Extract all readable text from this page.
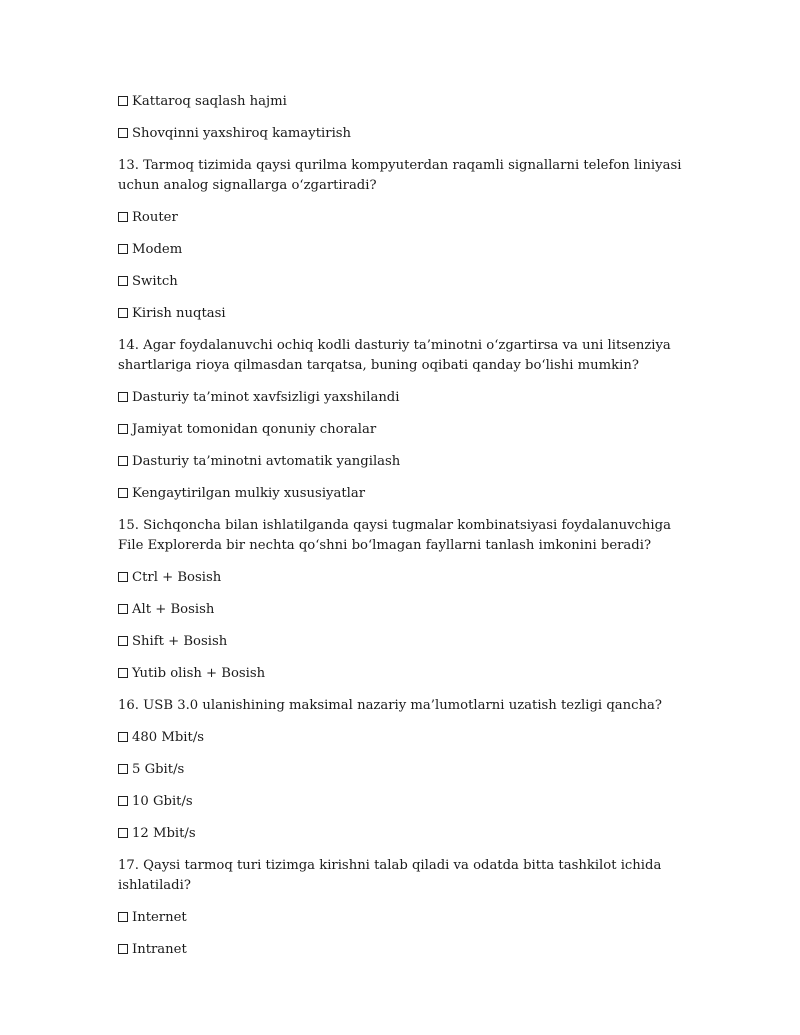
Kattaroq saqlash hajmi
Shovqinni yaxshiroq kamaytirish
13. Tarmoq tizimida qaysi qurilma kompyuterdan raqamli signallarni telefon liniyasi uchun analog signallarga o‘zgartiradi?
Router
Modem
Switch
Kirish nuqtasi
14. Agar foydalanuvchi ochiq kodli dasturiy ta’minotni o‘zgartirsa va uni litsenziya shartlariga rioya qilmasdan tarqatsa, buning oqibati qanday bo‘lishi mumkin?
Dasturiy ta’minot xavfsizligi yaxshilandi
Jamiyat tomonidan qonuniy choralar
Dasturiy ta’minotni avtomatik yangilash
Kengaytirilgan mulkiy xususiyatlar
15. Sichqoncha bilan ishlatilganda qaysi tugmalar kombinatsiyasi foydalanuvchiga File Explorerda bir nechta qo‘shni bo‘lmagan fayllarni tanlash imkonini beradi?
Ctrl + Bosish
Alt + Bosish
Shift + Bosish
Yutib olish + Bosish
16. USB 3.0 ulanishining maksimal nazariy ma’lumotlarni uzatish tezligi qancha?
480 Mbit/s
5 Gbit/s
10 Gbit/s
12 Mbit/s
17. Qaysi tarmoq turi tizimga kirishni talab qiladi va odatda bitta tashkilot ichida ishlatiladi?
Internet
Intranet
